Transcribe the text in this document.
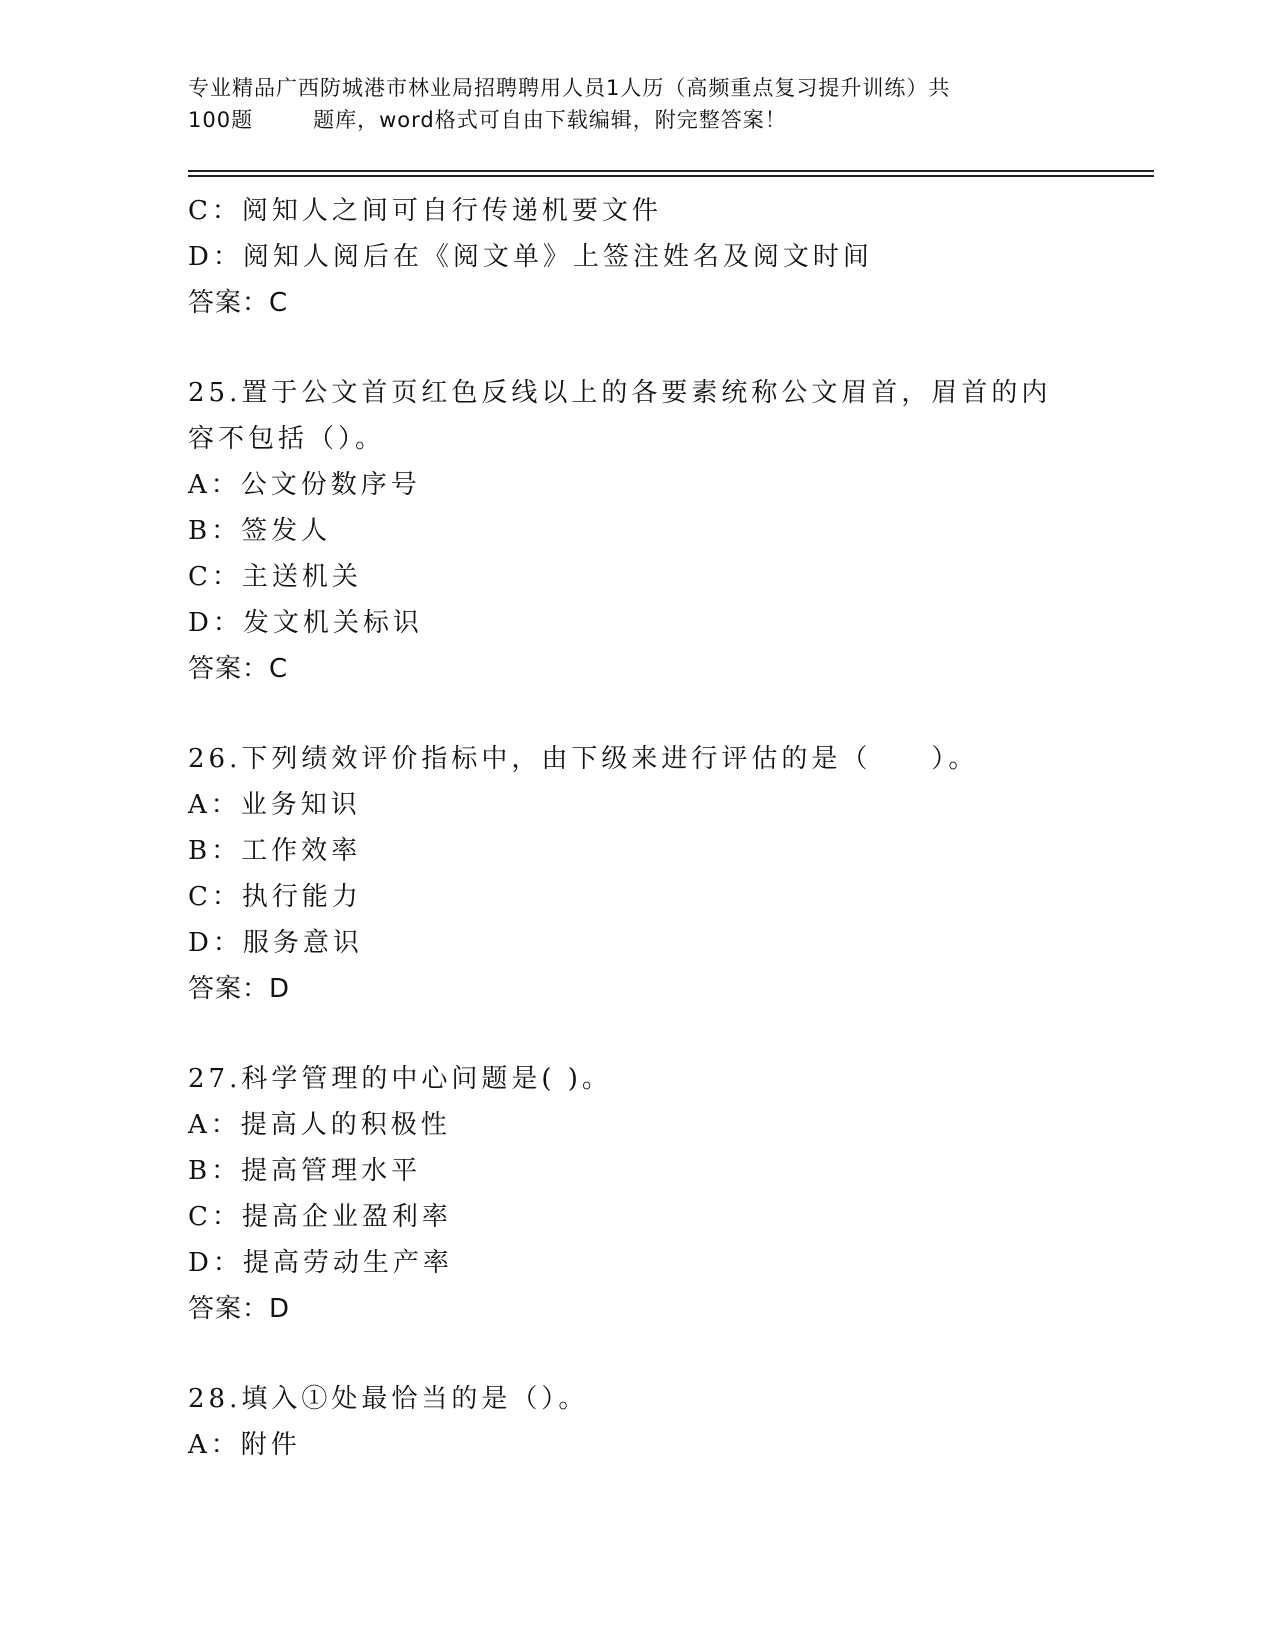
专业精品广西防城港市林业局招聘聘用人员1人历（高频重点复习提升训练）共
100题	题库，word格式可自由下载编辑，附完整答案！
C：阅知人之间可自行传递机要文件
D：阅知人阅后在《阅文单》上签注姓名及阅文时间
答案：C
25.置于公文首页红色反线以上的各要素统称公文眉首，眉首的内容不包括（）。
A：公文份数序号
B：签发人
C：主送机关
D：发文机关标识
答案：C
26.下列绩效评价指标中，由下级来进行评估的是（　　）。
A：业务知识
B：工作效率
C：执行能力
D：服务意识
答案：D
27.科学管理的中心问题是( )。
A：提高人的积极性
B：提高管理水平
C：提高企业盈利率
D：提高劳动生产率
答案：D
28.填入①处最恰当的是（）。
A：附件
